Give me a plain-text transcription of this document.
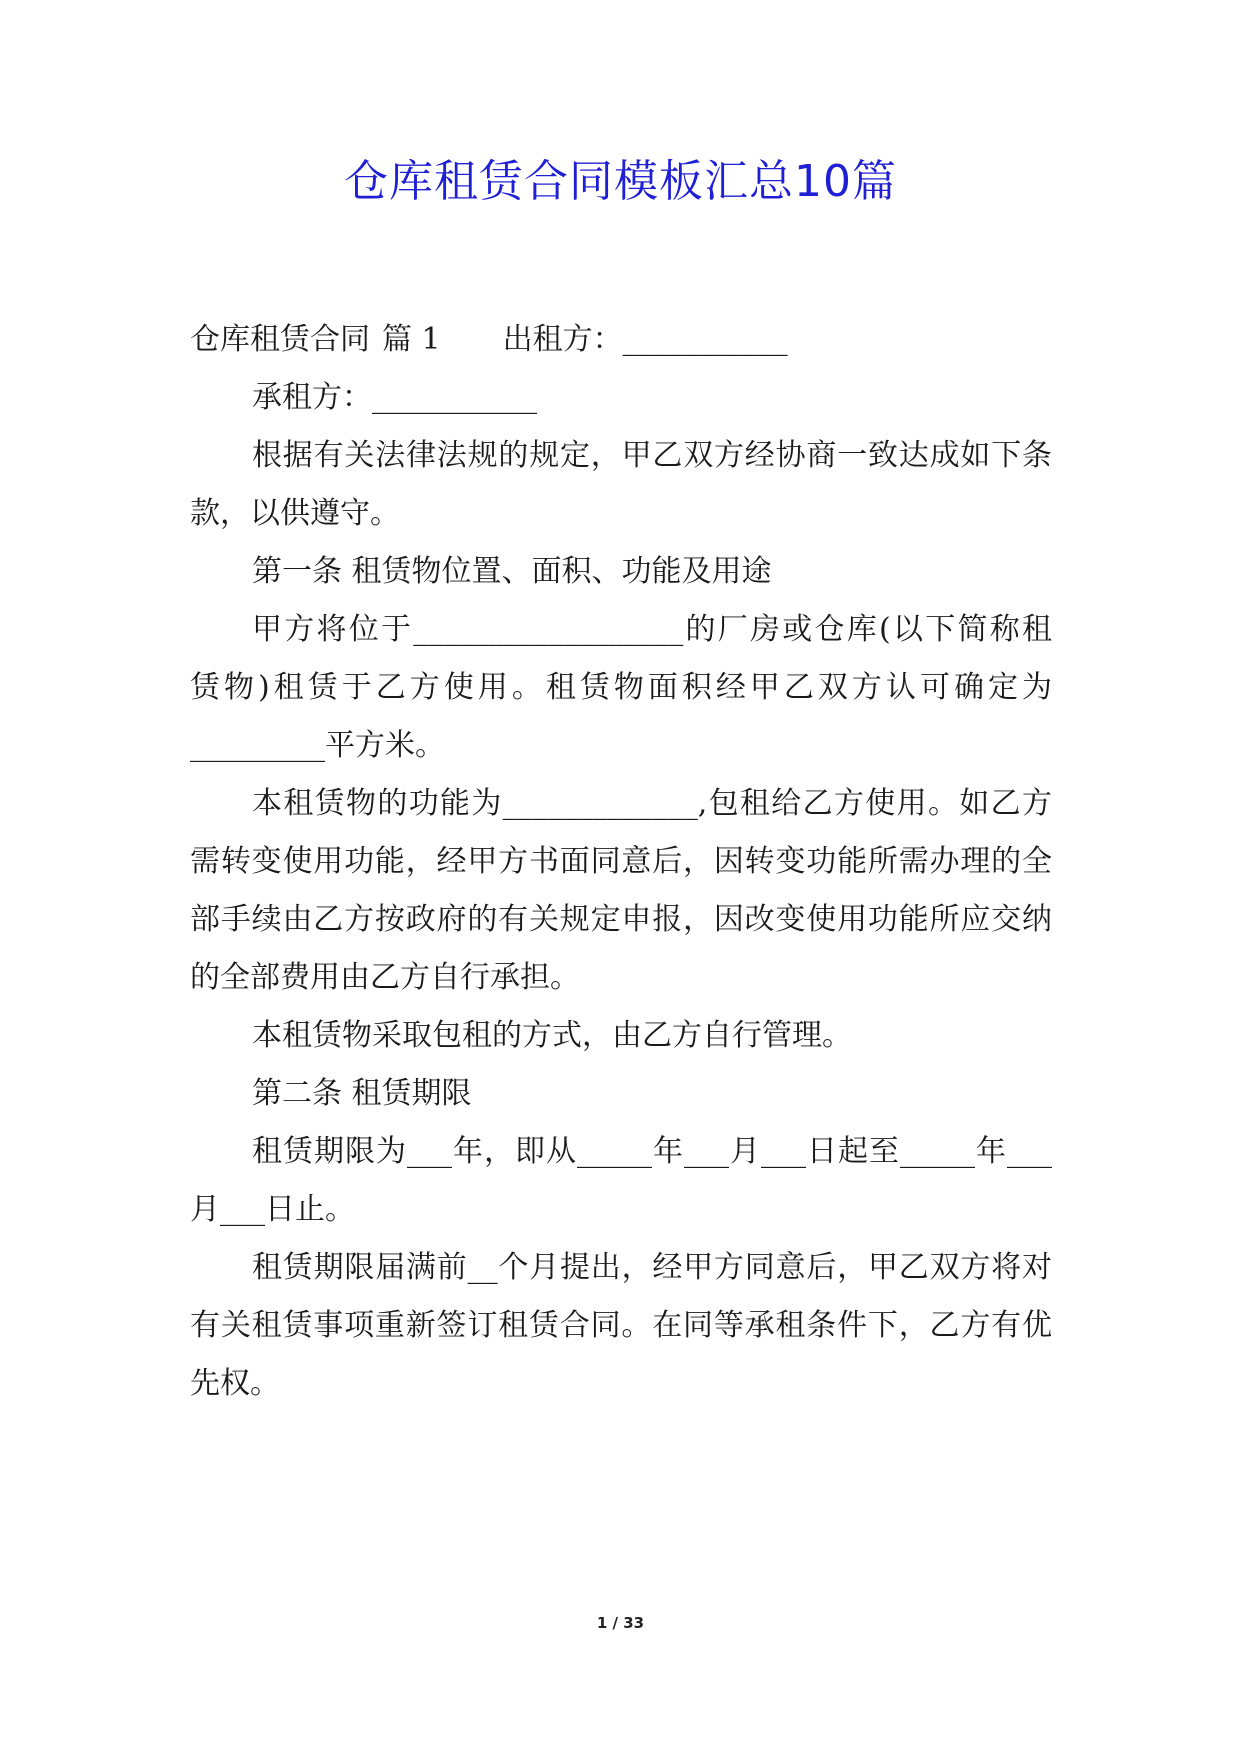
仓库租赁合同模板汇总10篇
仓库租赁合同 篇 1 出租方：___________
承租方：___________
根据有关法律法规的规定，甲乙双方经协商一致达成如下条
款，以供遵守。
第一条 租赁物位置、面积、功能及用途
甲方将位于__________________的厂房或仓库(以下简称租
赁物)租赁于乙方使用。租赁物面积经甲乙双方认可确定为
_________平方米。
本租赁物的功能为_____________,包租给乙方使用。如乙方
需转变使用功能，经甲方书面同意后，因转变功能所需办理的全
部手续由乙方按政府的有关规定申报，因改变使用功能所应交纳
的全部费用由乙方自行承担。
本租赁物采取包租的方式，由乙方自行管理。
第二条 租赁期限
租赁期限为___年，即从_____年___月___日起至_____年___
月___日止。
租赁期限届满前__个月提出，经甲方同意后，甲乙双方将对
有关租赁事项重新签订租赁合同。在同等承租条件下，乙方有优
先权。
1 / 33
